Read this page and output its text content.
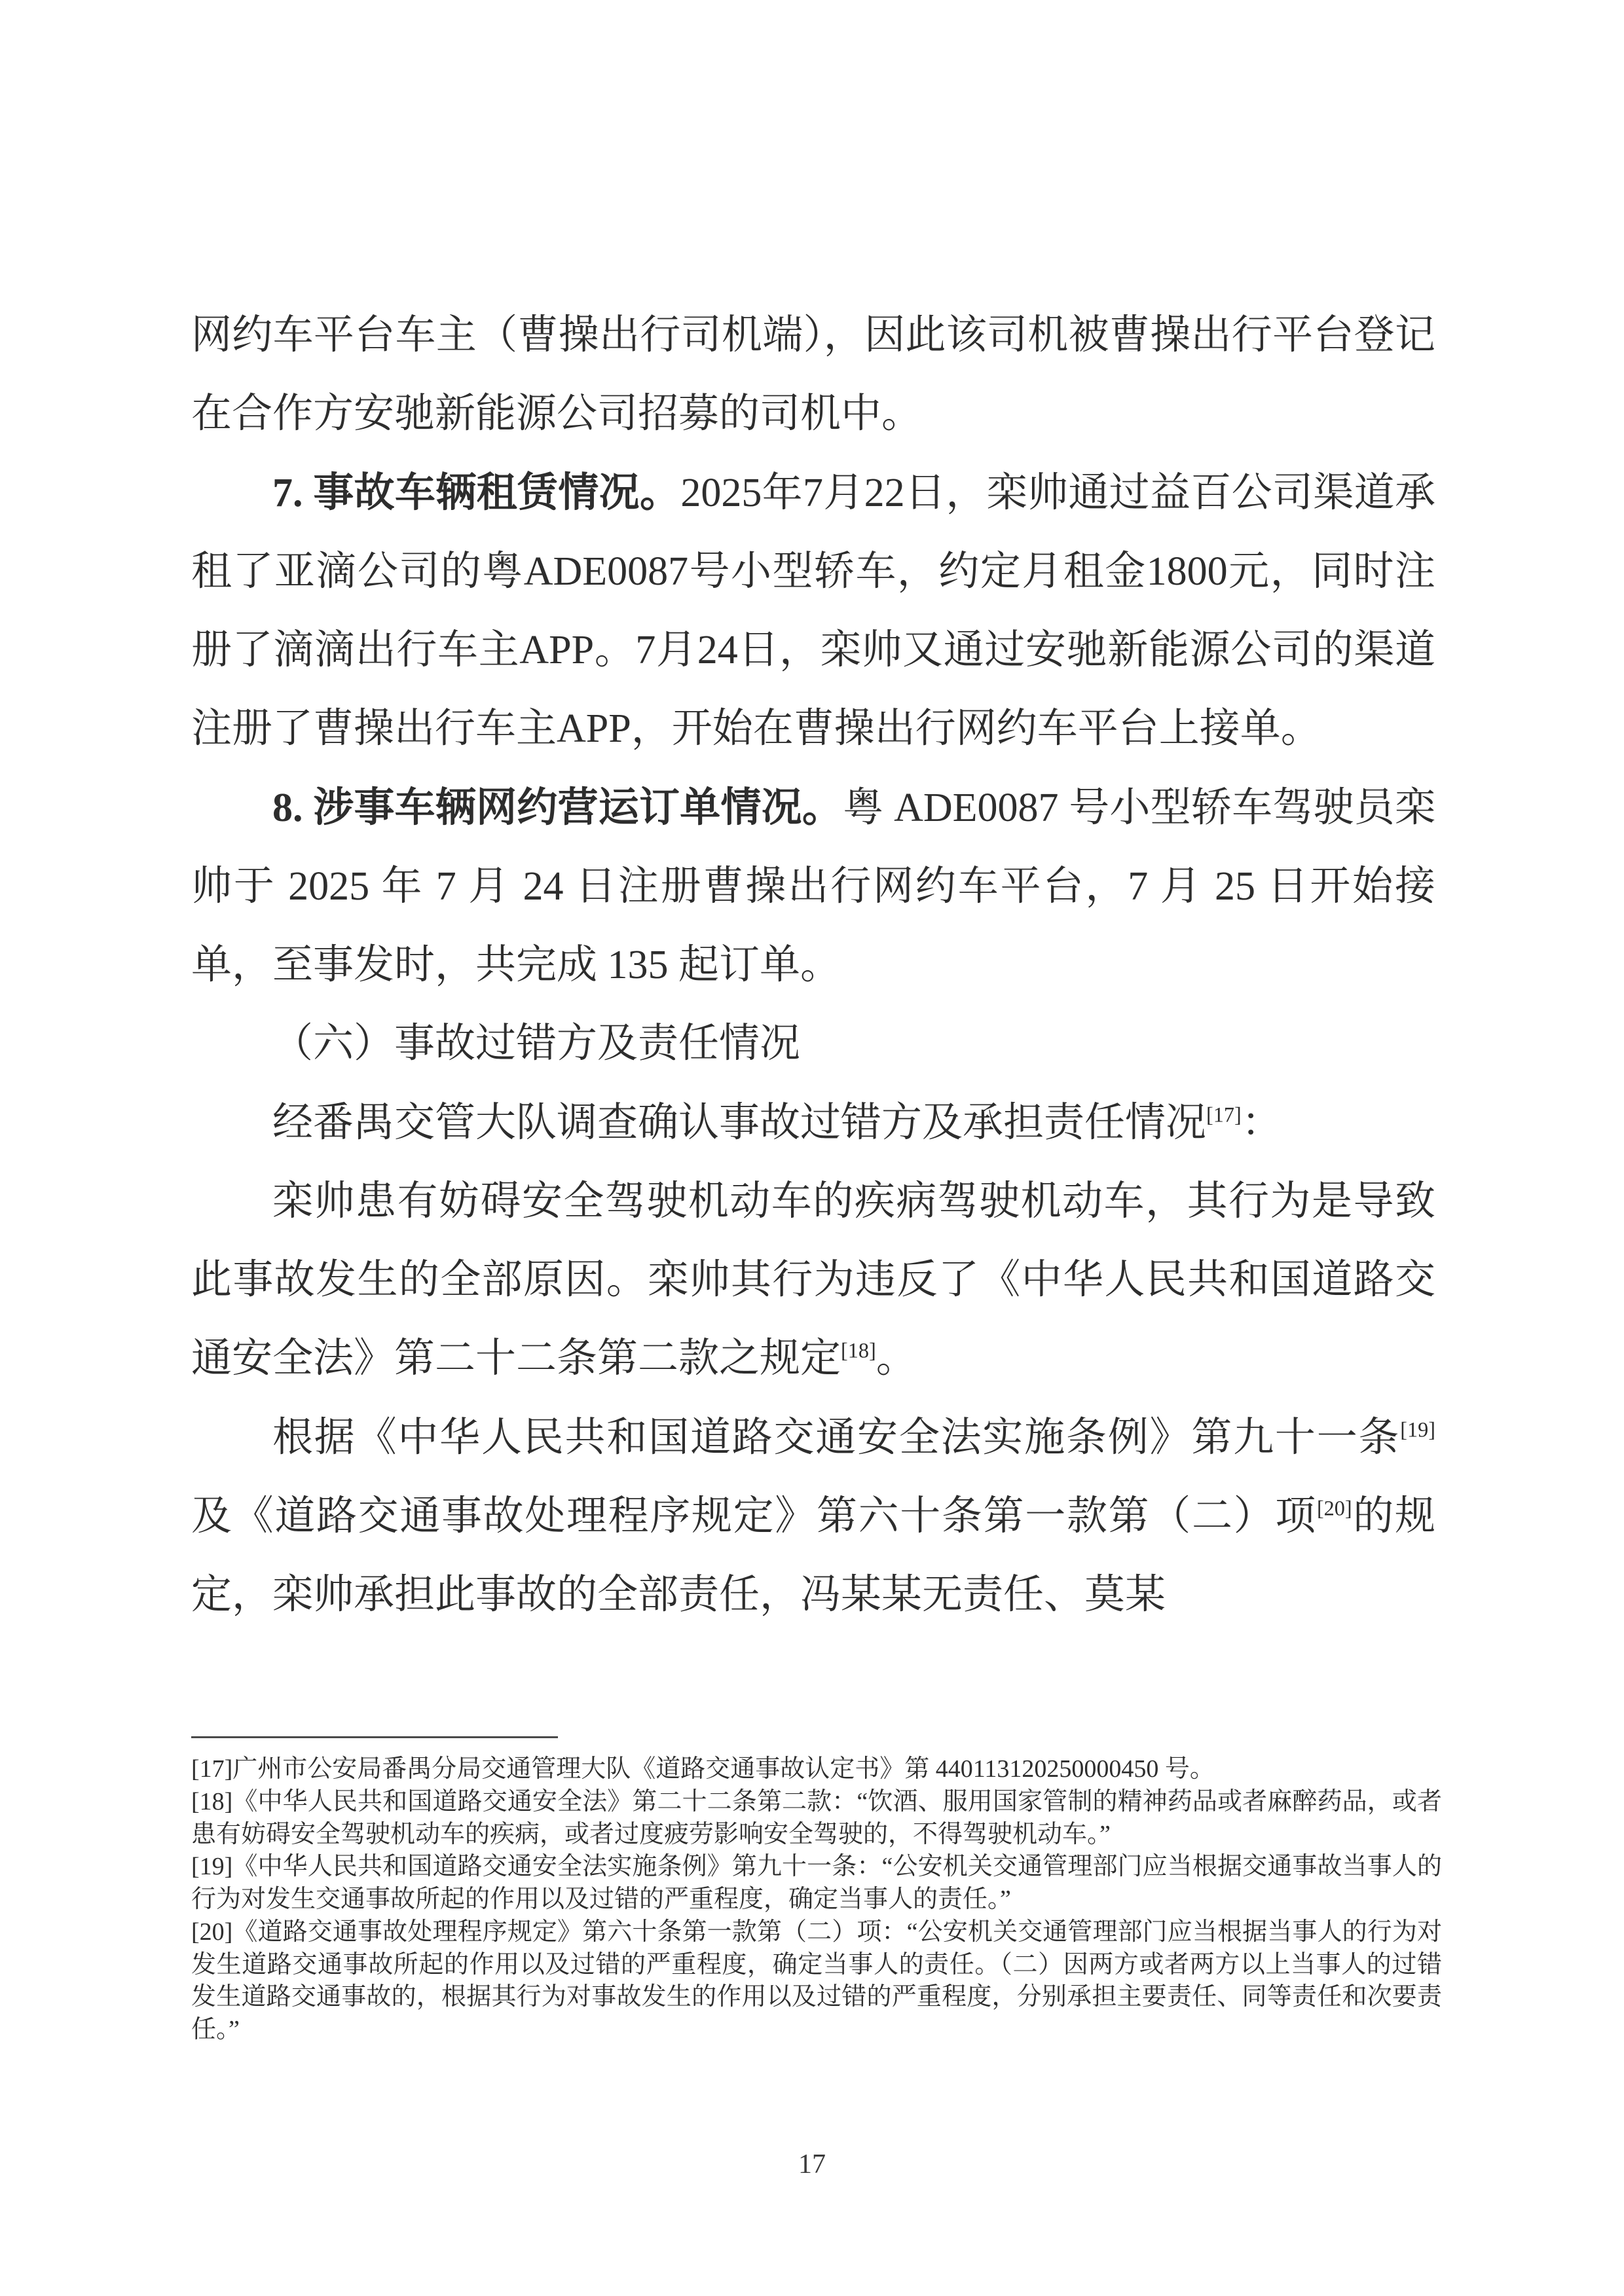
网约车平台车主（曹操出行司机端），因此该司机被曹操出行平台登记在合作方安驰新能源公司招募的司机中。

7. 事故车辆租赁情况。2025年7月22日，栾帅通过益百公司渠道承租了亚滴公司的粤ADE0087号小型轿车，约定月租金1800元，同时注册了滴滴出行车主APP。7月24日，栾帅又通过安驰新能源公司的渠道注册了曹操出行车主APP，开始在曹操出行网约车平台上接单。

8. 涉事车辆网约营运订单情况。粤 ADE0087 号小型轿车驾驶员栾帅于 2025 年 7 月 24 日注册曹操出行网约车平台，7 月 25 日开始接单，至事发时，共完成 135 起订单。

（六）事故过错方及责任情况

经番禺交管大队调查确认事故过错方及承担责任情况[17]：

栾帅患有妨碍安全驾驶机动车的疾病驾驶机动车，其行为是导致此事故发生的全部原因。栾帅其行为违反了《中华人民共和国道路交通安全法》第二十二条第二款之规定[18]。

根据《中华人民共和国道路交通安全法实施条例》第九十一条[19]及《道路交通事故处理程序规定》第六十条第一款第（二）项[20]的规定，栾帅承担此事故的全部责任，冯某某无责任、莫某

[17]广州市公安局番禺分局交通管理大队《道路交通事故认定书》第 440113120250000450 号。

[18]《中华人民共和国道路交通安全法》第二十二条第二款：“饮酒、服用国家管制的精神药品或者麻醉药品，或者患有妨碍安全驾驶机动车的疾病，或者过度疲劳影响安全驾驶的，不得驾驶机动车。”

[19]《中华人民共和国道路交通安全法实施条例》第九十一条：“公安机关交通管理部门应当根据交通事故当事人的行为对发生交通事故所起的作用以及过错的严重程度，确定当事人的责任。”

[20]《道路交通事故处理程序规定》第六十条第一款第（二）项：“公安机关交通管理部门应当根据当事人的行为对发生道路交通事故所起的作用以及过错的严重程度，确定当事人的责任。（二）因两方或者两方以上当事人的过错发生道路交通事故的，根据其行为对事故发生的作用以及过错的严重程度，分别承担主要责任、同等责任和次要责任。”

17
